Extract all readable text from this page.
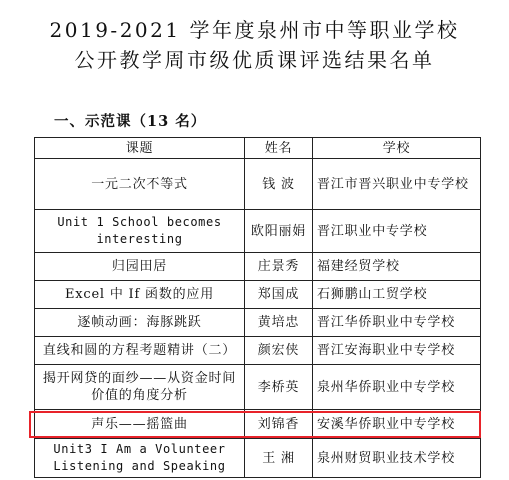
2019-2021 学年度泉州市中等职业学校
公开教学周市级优质课评选结果名单
一、示范课（13 名）
课题	姓名	学校
一元二次不等式	钱 波	晋江市晋兴职业中专学校
Unit 1 School becomes interesting	欧阳丽娟	晋江职业中专学校
归园田居	庄景秀	福建经贸学校
Excel 中 If 函数的应用	郑国成	石狮鹏山工贸学校
逐帧动画：海豚跳跃	黄培忠	晋江华侨职业中专学校
直线和圆的方程考题精讲（二）	颜宏侠	晋江安海职业中专学校
揭开网贷的面纱——从资金时间价值的角度分析	李桥英	泉州华侨职业中专学校
声乐——摇篮曲	刘锦香	安溪华侨职业中专学校
Unit3 I Am a Volunteer Listening and Speaking	王 湘	泉州财贸职业技术学校
